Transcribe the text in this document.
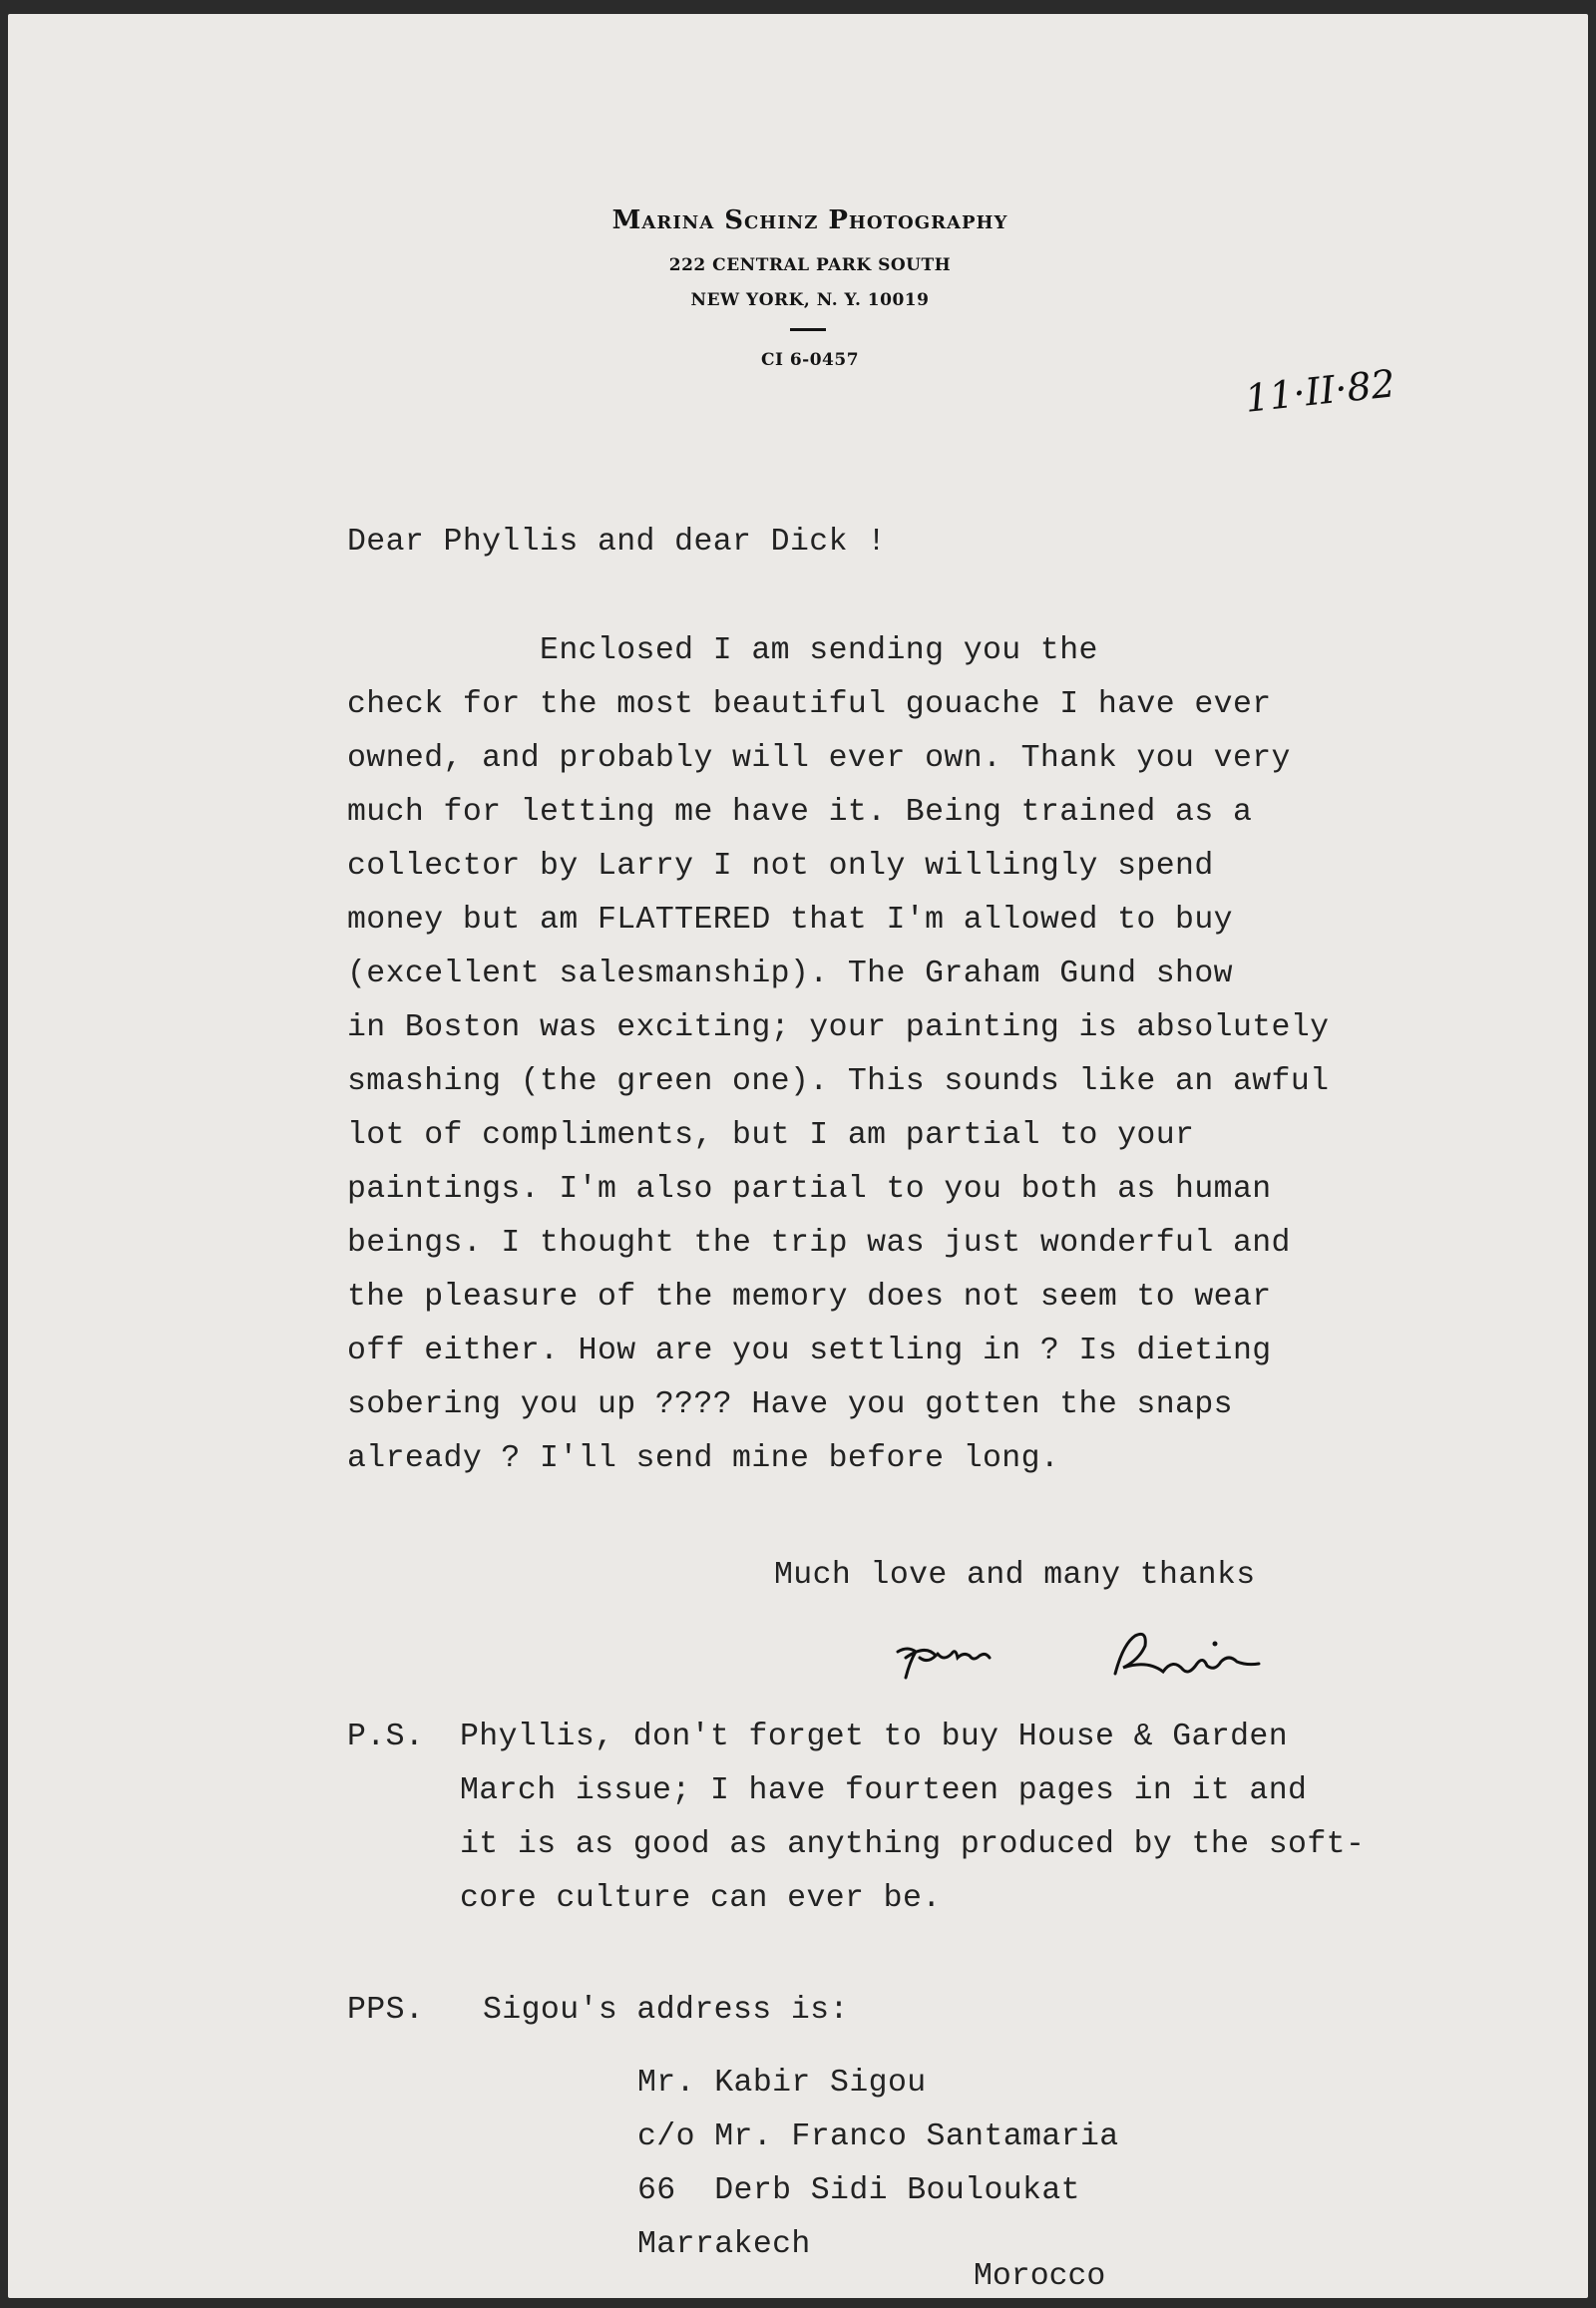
Marina Schinz Photography
222 CENTRAL PARK SOUTH
NEW YORK, N. Y. 10019
CI 6-0457
11·II·82
Dear Phyllis and dear Dick !
Enclosed I am sending you the
check for the most beautiful gouache I have ever
owned, and probably will ever own. Thank you very
much for letting me have it. Being trained as a
collector by Larry I not only willingly spend
money but am FLATTERED that I'm allowed to buy
(excellent salesmanship). The Graham Gund show
in Boston was exciting; your painting is absolutely
smashing (the green one). This sounds like an awful
lot of compliments, but I am partial to your
paintings. I'm also partial to you both as human
beings. I thought the trip was just wonderful and
the pleasure of the memory does not seem to wear
off either. How are you settling in ? Is dieting
sobering you up ???? Have you gotten the snaps
already ? I'll send mine before long.
Much love and many thanks
P.S. Phyllis, don't forget to buy House & Garden
March issue; I have fourteen pages in it and
it is as good as anything produced by the soft-
core culture can ever be.
PPS. Sigou's address is:
Mr. Kabir Sigou
c/o Mr. Franco Santamaria
66  Derb Sidi Bouloukat
Marrakech
Morocco
